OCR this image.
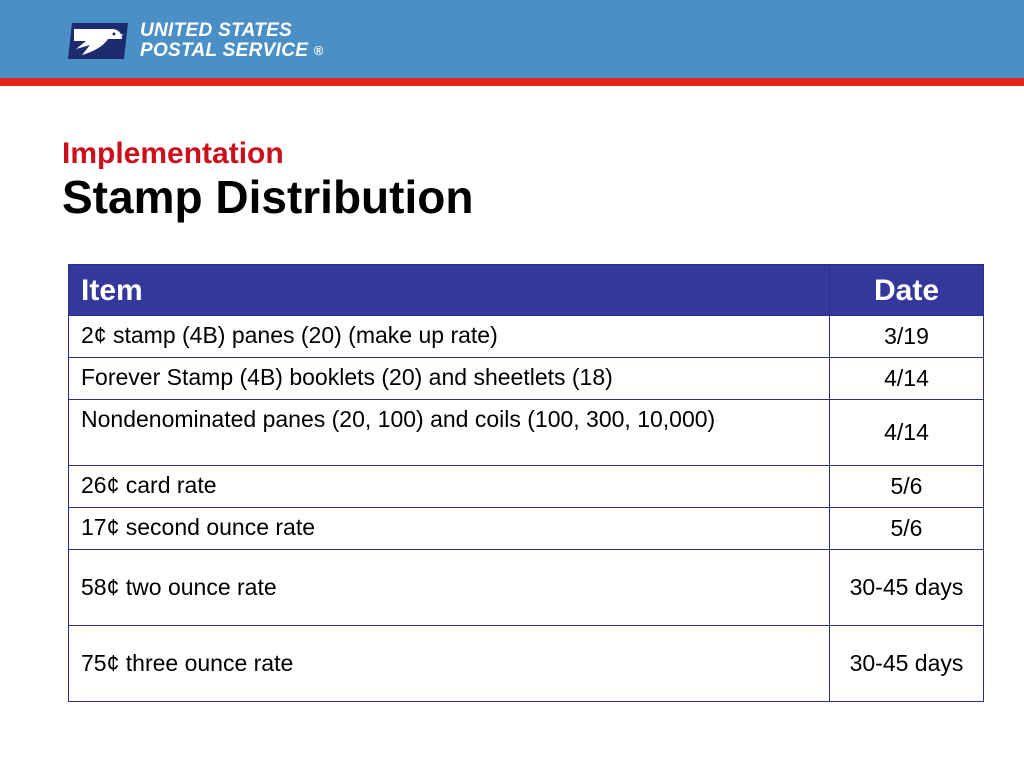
UNITED STATES
POSTAL SERVICE ®
Implementation
Stamp Distribution
Item	Date
2¢ stamp (4B) panes (20) (make up rate)	3/19
Forever Stamp (4B) booklets (20) and sheetlets (18)	4/14
Nondenominated panes (20, 100) and coils (100, 300, 10,000)	4/14
26¢ card rate	5/6
17¢ second ounce rate	5/6
58¢ two ounce rate	30-45 days
75¢ three ounce rate	30-45 days
